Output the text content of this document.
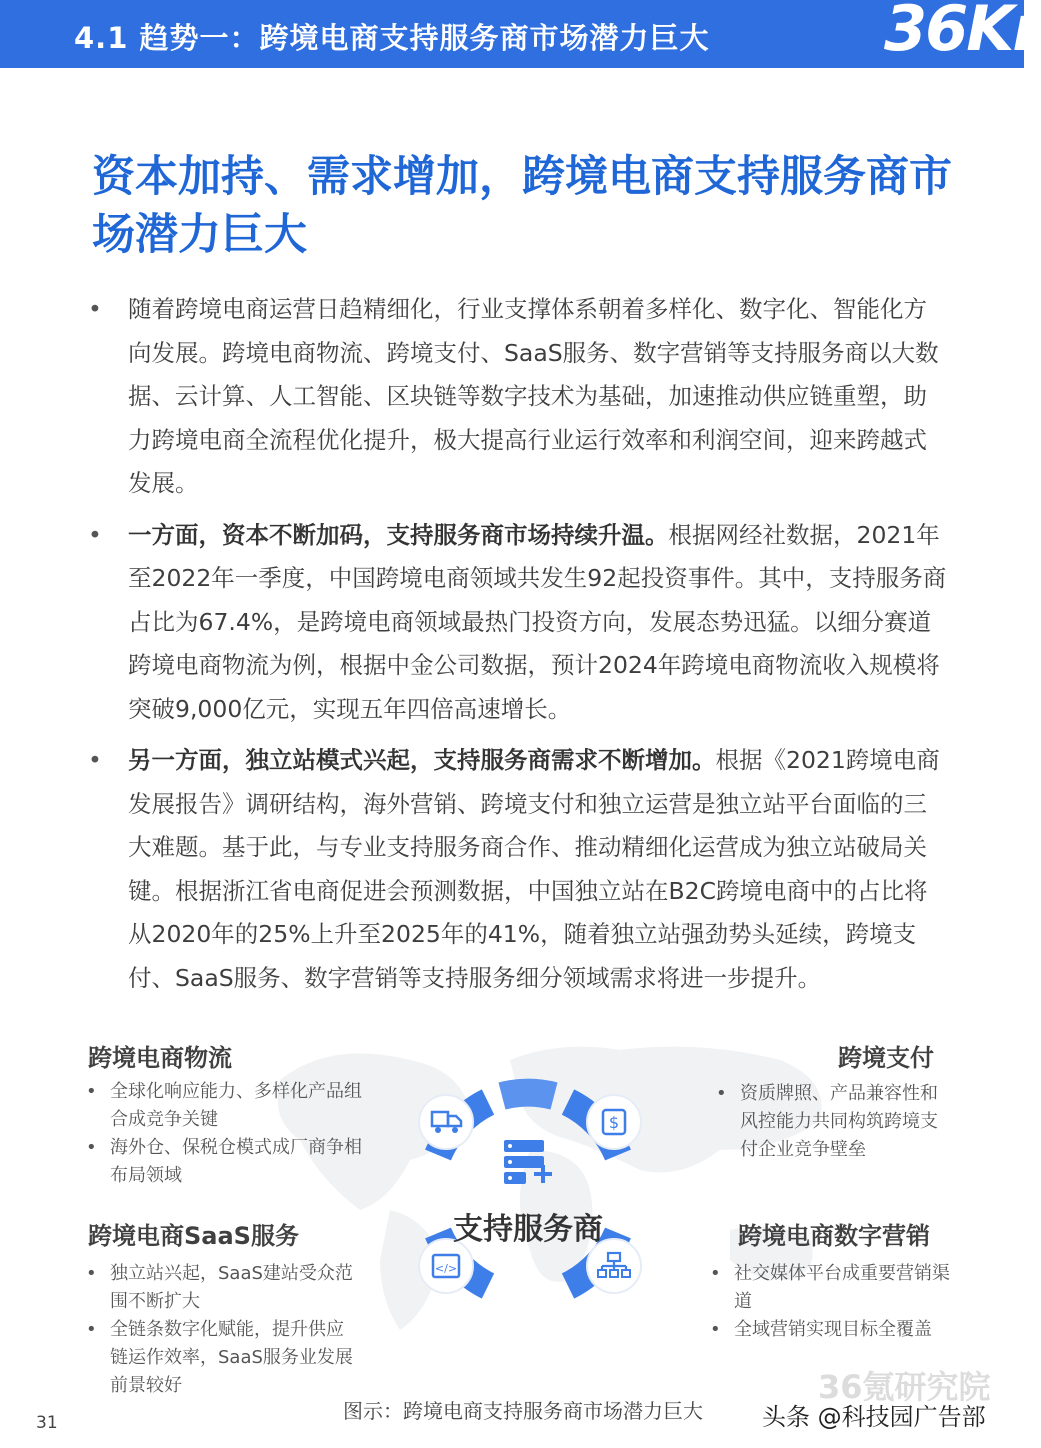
4.1 趋势一：跨境电商支持服务商市场潜力巨大	36Kr
资本加持、需求增加，跨境电商支持服务商市
场潜力巨大
• 随着跨境电商运营日趋精细化，行业支撑体系朝着多样化、数字化、智能化方向发展。跨境电商物流、跨境支付、SaaS服务、数字营销等支持服务商以大数据、云计算、人工智能、区块链等数字技术为基础，加速推动供应链重塑，助力跨境电商全流程优化提升，极大提高行业运行效率和利润空间，迎来跨越式发展。
• 一方面，资本不断加码，支持服务商市场持续升温。根据网经社数据，2021年至2022年一季度，中国跨境电商领域共发生92起投资事件。其中，支持服务商占比为67.4%，是跨境电商领域最热门投资方向，发展态势迅猛。以细分赛道跨境电商物流为例，根据中金公司数据，预计2024年跨境电商物流收入规模将突破9,000亿元，实现五年四倍高速增长。
• 另一方面，独立站模式兴起，支持服务商需求不断增加。根据《2021跨境电商发展报告》调研结构，海外营销、跨境支付和独立运营是独立站平台面临的三大难题。基于此，与专业支持服务商合作、推动精细化运营成为独立站破局关键。根据浙江省电商促进会预测数据，中国独立站在B2C跨境电商中的占比将从2020年的25%上升至2025年的41%，随着独立站强劲势头延续，跨境支付、SaaS服务、数字营销等支持服务细分领域需求将进一步提升。
跨境电商物流
• 全球化响应能力、多样化产品组合成竞争关键
• 海外仓、保税仓模式成厂商争相布局领域
跨境支付
• 资质牌照、产品兼容性和风控能力共同构筑跨境支付企业竞争壁垒
跨境电商SaaS服务
• 独立站兴起，SaaS建站受众范围不断扩大
• 全链条数字化赋能，提升供应链运作效率，SaaS服务业发展前景较好
跨境电商数字营销
• 社交媒体平台成重要营销渠道
• 全域营销实现目标全覆盖
$
</>
支持服务商
36氪研究院
图示：跨境电商支持服务商市场潜力巨大 头条 @科技园广告部
31
